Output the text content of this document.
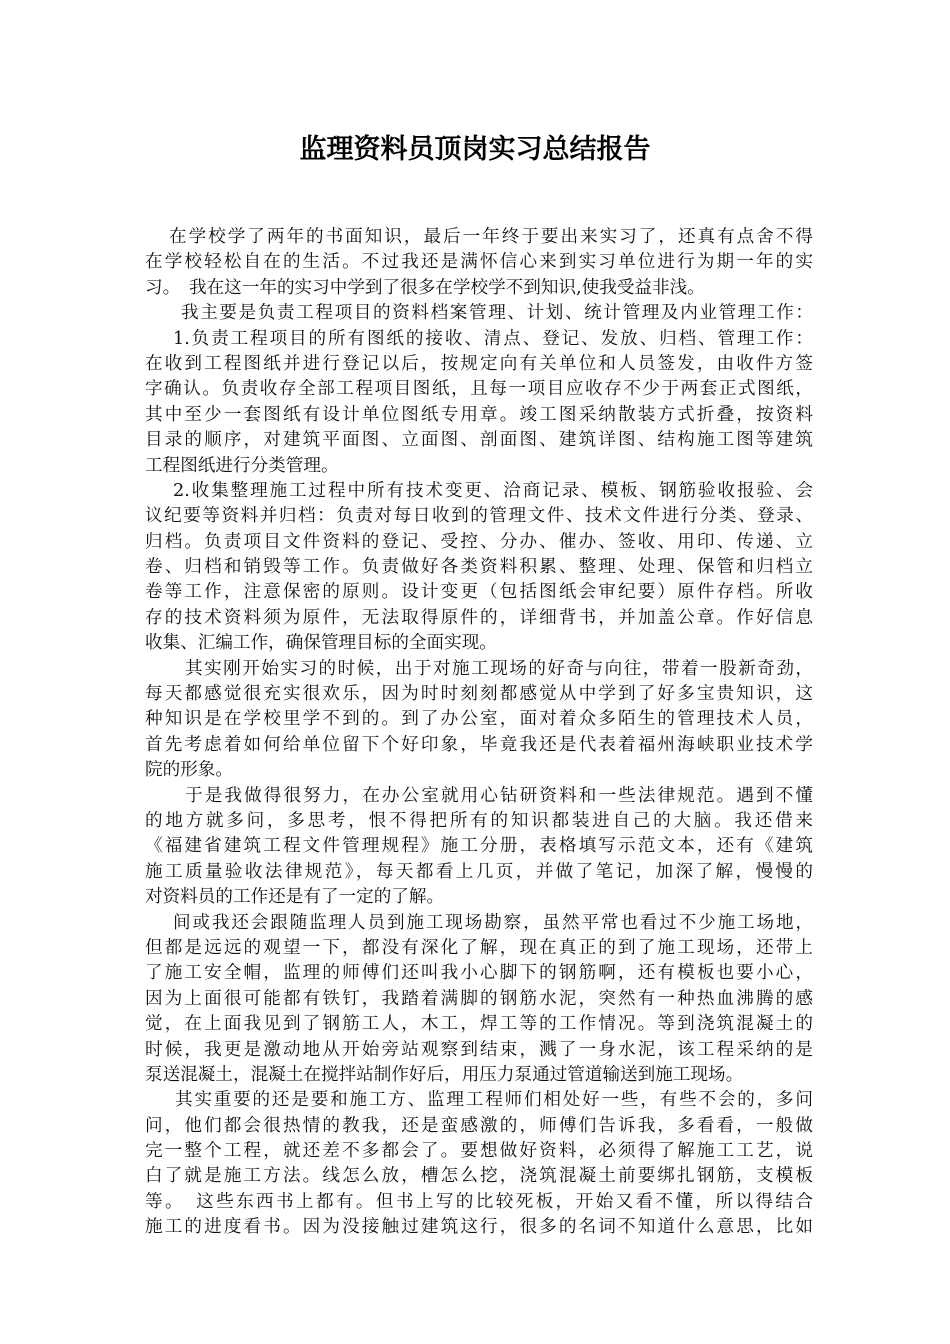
监理资料员顶岗实习总结报告
在学校学了两年的书面知识，最后一年终于要出来实习了，还真有点舍不得
在学校轻松自在的生活。不过我还是满怀信心来到实习单位进行为期一年的实
习。　我在这一年的实习中学到了很多在学校学不到知识,使我受益非浅。
我主要是负责工程项目的资料档案管理、计划、统计管理及内业管理工作：
1.负责工程项目的所有图纸的接收、清点、登记、发放、归档、管理工作：
在收到工程图纸并进行登记以后，按规定向有关单位和人员签发，由收件方签
字确认。负责收存全部工程项目图纸，且每一项目应收存不少于两套正式图纸，
其中至少一套图纸有设计单位图纸专用章。竣工图采纳散装方式折叠，按资料
目录的顺序，对建筑平面图、立面图、剖面图、建筑详图、结构施工图等建筑
工程图纸进行分类管理。
2.收集整理施工过程中所有技术变更、洽商记录、模板、钢筋验收报验、会
议纪要等资料并归档：负责对每日收到的管理文件、技术文件进行分类、登录、
归档。负责项目文件资料的登记、受控、分办、催办、签收、用印、传递、立
卷、归档和销毁等工作。负责做好各类资料积累、整理、处理、保管和归档立
卷等工作，注意保密的原则。设计变更（包括图纸会审纪要）原件存档。所收
存的技术资料须为原件，无法取得原件的，详细背书，并加盖公章。作好信息
收集、汇编工作，确保管理目标的全面实现。
其实刚开始实习的时候，出于对施工现场的好奇与向往，带着一股新奇劲，
每天都感觉很充实很欢乐，因为时时刻刻都感觉从中学到了好多宝贵知识，这
种知识是在学校里学不到的。到了办公室，面对着众多陌生的管理技术人员，
首先考虑着如何给单位留下个好印象，毕竟我还是代表着福州海峡职业技术学
院的形象。
于是我做得很努力，在办公室就用心钻研资料和一些法律规范。遇到不懂
的地方就多问，多思考，恨不得把所有的知识都装进自己的大脑。我还借来
《福建省建筑工程文件管理规程》施工分册，表格填写示范文本，还有《建筑
施工质量验收法律规范》，每天都看上几页，并做了笔记，加深了解，慢慢的
对资料员的工作还是有了一定的了解。
间或我还会跟随监理人员到施工现场勘察，虽然平常也看过不少施工场地，
但都是远远的观望一下，都没有深化了解，现在真正的到了施工现场，还带上
了施工安全帽，监理的师傅们还叫我小心脚下的钢筋啊，还有模板也要小心，
因为上面很可能都有铁钉，我踏着满脚的钢筋水泥，突然有一种热血沸腾的感
觉，在上面我见到了钢筋工人，木工，焊工等的工作情况。等到浇筑混凝土的
时候，我更是激动地从开始旁站观察到结束，溅了一身水泥，该工程采纳的是
泵送混凝土，混凝土在搅拌站制作好后，用压力泵通过管道输送到施工现场。
其实重要的还是要和施工方、监理工程师们相处好一些，有些不会的，多问
问，他们都会很热情的教我，还是蛮感激的，师傅们告诉我，多看看，一般做
完一整个工程，就还差不多都会了。要想做好资料，必须得了解施工工艺，说
白了就是施工方法。线怎么放，槽怎么挖，浇筑混凝土前要绑扎钢筋，支模板
等。　这些东西书上都有。但书上写的比较死板，开始又看不懂，所以得结合
施工的进度看书。因为没接触过建筑这行，很多的名词不知道什么意思，比如
